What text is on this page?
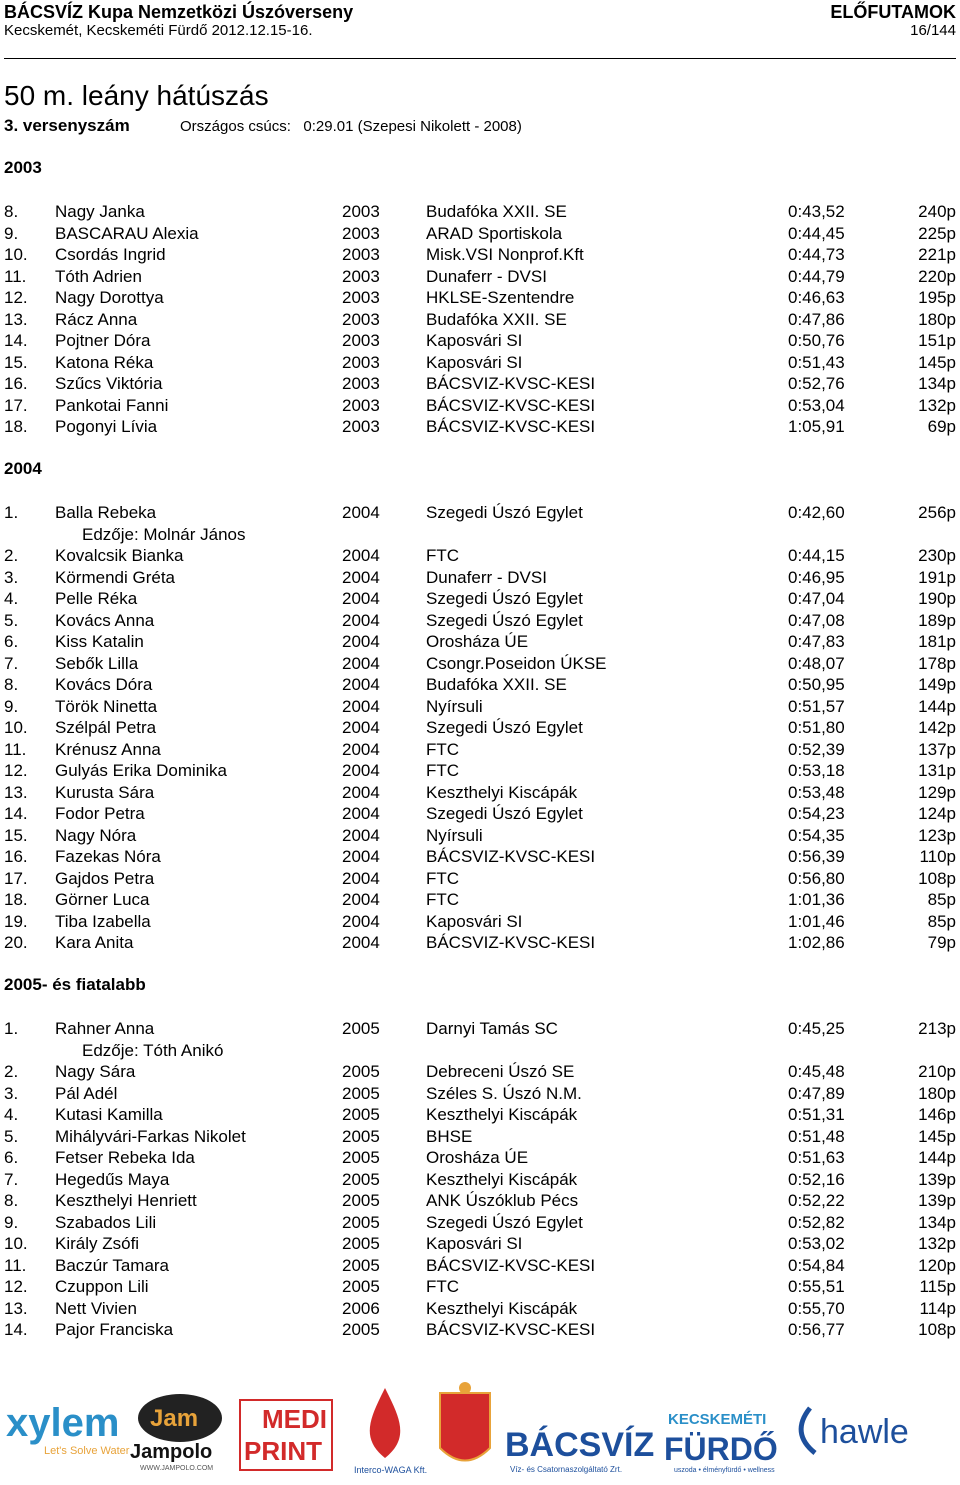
BÁCSVÍZ Kupa Nemzetközi Úszóverseny	ELŐFUTAMOK
Kecskemét, Kecskeméti Fürdő 2012.12.15-16.	16/144
50 m. leány hátúszás
3. versenyszám	Országos csúcs: 0:29.01 (Szepesi Nikolett - 2008)
2003
8. Nagy Janka	2003	Budafóka XXII. SE	0:43,52	240p
9. BASCARAU Alexia	2003	ARAD Sportiskola	0:44,45	225p
10. Csordás Ingrid	2003	Misk.VSI Nonprof.Kft	0:44,73	221p
11. Tóth Adrien	2003	Dunaferr - DVSI	0:44,79	220p
12. Nagy Dorottya	2003	HKLSE-Szentendre	0:46,63	195p
13. Rácz Anna	2003	Budafóka XXII. SE	0:47,86	180p
14. Pojtner Dóra	2003	Kaposvári SI	0:50,76	151p
15. Katona Réka	2003	Kaposvári SI	0:51,43	145p
16. Szűcs Viktória	2003	BÁCSVIZ-KVSC-KESI	0:52,76	134p
17. Pankotai Fanni	2003	BÁCSVIZ-KVSC-KESI	0:53,04	132p
18. Pogonyi Lívia	2003	BÁCSVIZ-KVSC-KESI	1:05,91	69p
2004
1. Balla Rebeka	2004	Szegedi Úszó Egylet	0:42,60	256p
Edzője: Molnár János
2. Kovalcsik Bianka	2004	FTC	0:44,15	230p
3. Körmendi Gréta	2004	Dunaferr - DVSI	0:46,95	191p
4. Pelle Réka	2004	Szegedi Úszó Egylet	0:47,04	190p
5. Kovács Anna	2004	Szegedi Úszó Egylet	0:47,08	189p
6. Kiss Katalin	2004	Orosháza ÚE	0:47,83	181p
7. Sebők Lilla	2004	Csongr.Poseidon ÚKSE	0:48,07	178p
8. Kovács Dóra	2004	Budafóka XXII. SE	0:50,95	149p
9. Török Ninetta	2004	Nyírsuli	0:51,57	144p
10. Szélpál Petra	2004	Szegedi Úszó Egylet	0:51,80	142p
11. Krénusz Anna	2004	FTC	0:52,39	137p
12. Gulyás Erika Dominika	2004	FTC	0:53,18	131p
13. Kurusta Sára	2004	Keszthelyi Kiscápák	0:53,48	129p
14. Fodor Petra	2004	Szegedi Úszó Egylet	0:54,23	124p
15. Nagy Nóra	2004	Nyírsuli	0:54,35	123p
16. Fazekas Nóra	2004	BÁCSVIZ-KVSC-KESI	0:56,39	110p
17. Gajdos Petra	2004	FTC	0:56,80	108p
18. Görner Luca	2004	FTC	1:01,36	85p
19. Tiba Izabella	2004	Kaposvári SI	1:01,46	85p
20. Kara Anita	2004	BÁCSVIZ-KVSC-KESI	1:02,86	79p
2005- és fiatalabb
1. Rahner Anna	2005	Darnyi Tamás SC	0:45,25	213p
Edzője: Tóth Anikó
2. Nagy Sára	2005	Debreceni Úszó SE	0:45,48	210p
3. Pál Adél	2005	Széles S. Úszó N.M.	0:47,89	180p
4. Kutasi Kamilla	2005	Keszthelyi Kiscápák	0:51,31	146p
5. Mihályvári-Farkas Nikolet	2005	BHSE	0:51,48	145p
6. Fetser Rebeka Ida	2005	Orosháza ÚE	0:51,63	144p
7. Hegedűs Maya	2005	Keszthelyi Kiscápák	0:52,16	139p
8. Keszthelyi Henriett	2005	ANK Úszóklub Pécs	0:52,22	139p
9. Szabados Lili	2005	Szegedi Úszó Egylet	0:52,82	134p
10. Király Zsófi	2005	Kaposvári SI	0:53,02	132p
11. Baczúr Tamara	2005	BÁCSVIZ-KVSC-KESI	0:54,84	120p
12. Czuppon Lili	2005	FTC	0:55,51	115p
13. Nett Vivien	2006	Keszthelyi Kiscápák	0:55,70	114p
14. Pajor Franciska	2005	BÁCSVIZ-KVSC-KESI	0:56,77	108p
xylem
Let's Solve Water
Jam
Jampolo
WWW.JAMPOLO.COM
MEDI
PRINT
Interco-WAGA Kft.
BÁCSVÍZ
Víz- és Csatornaszolgáltató Zrt.
KECSKEMÉTI
FÜRDŐ
uszoda • élményfürdő • wellness
hawle
